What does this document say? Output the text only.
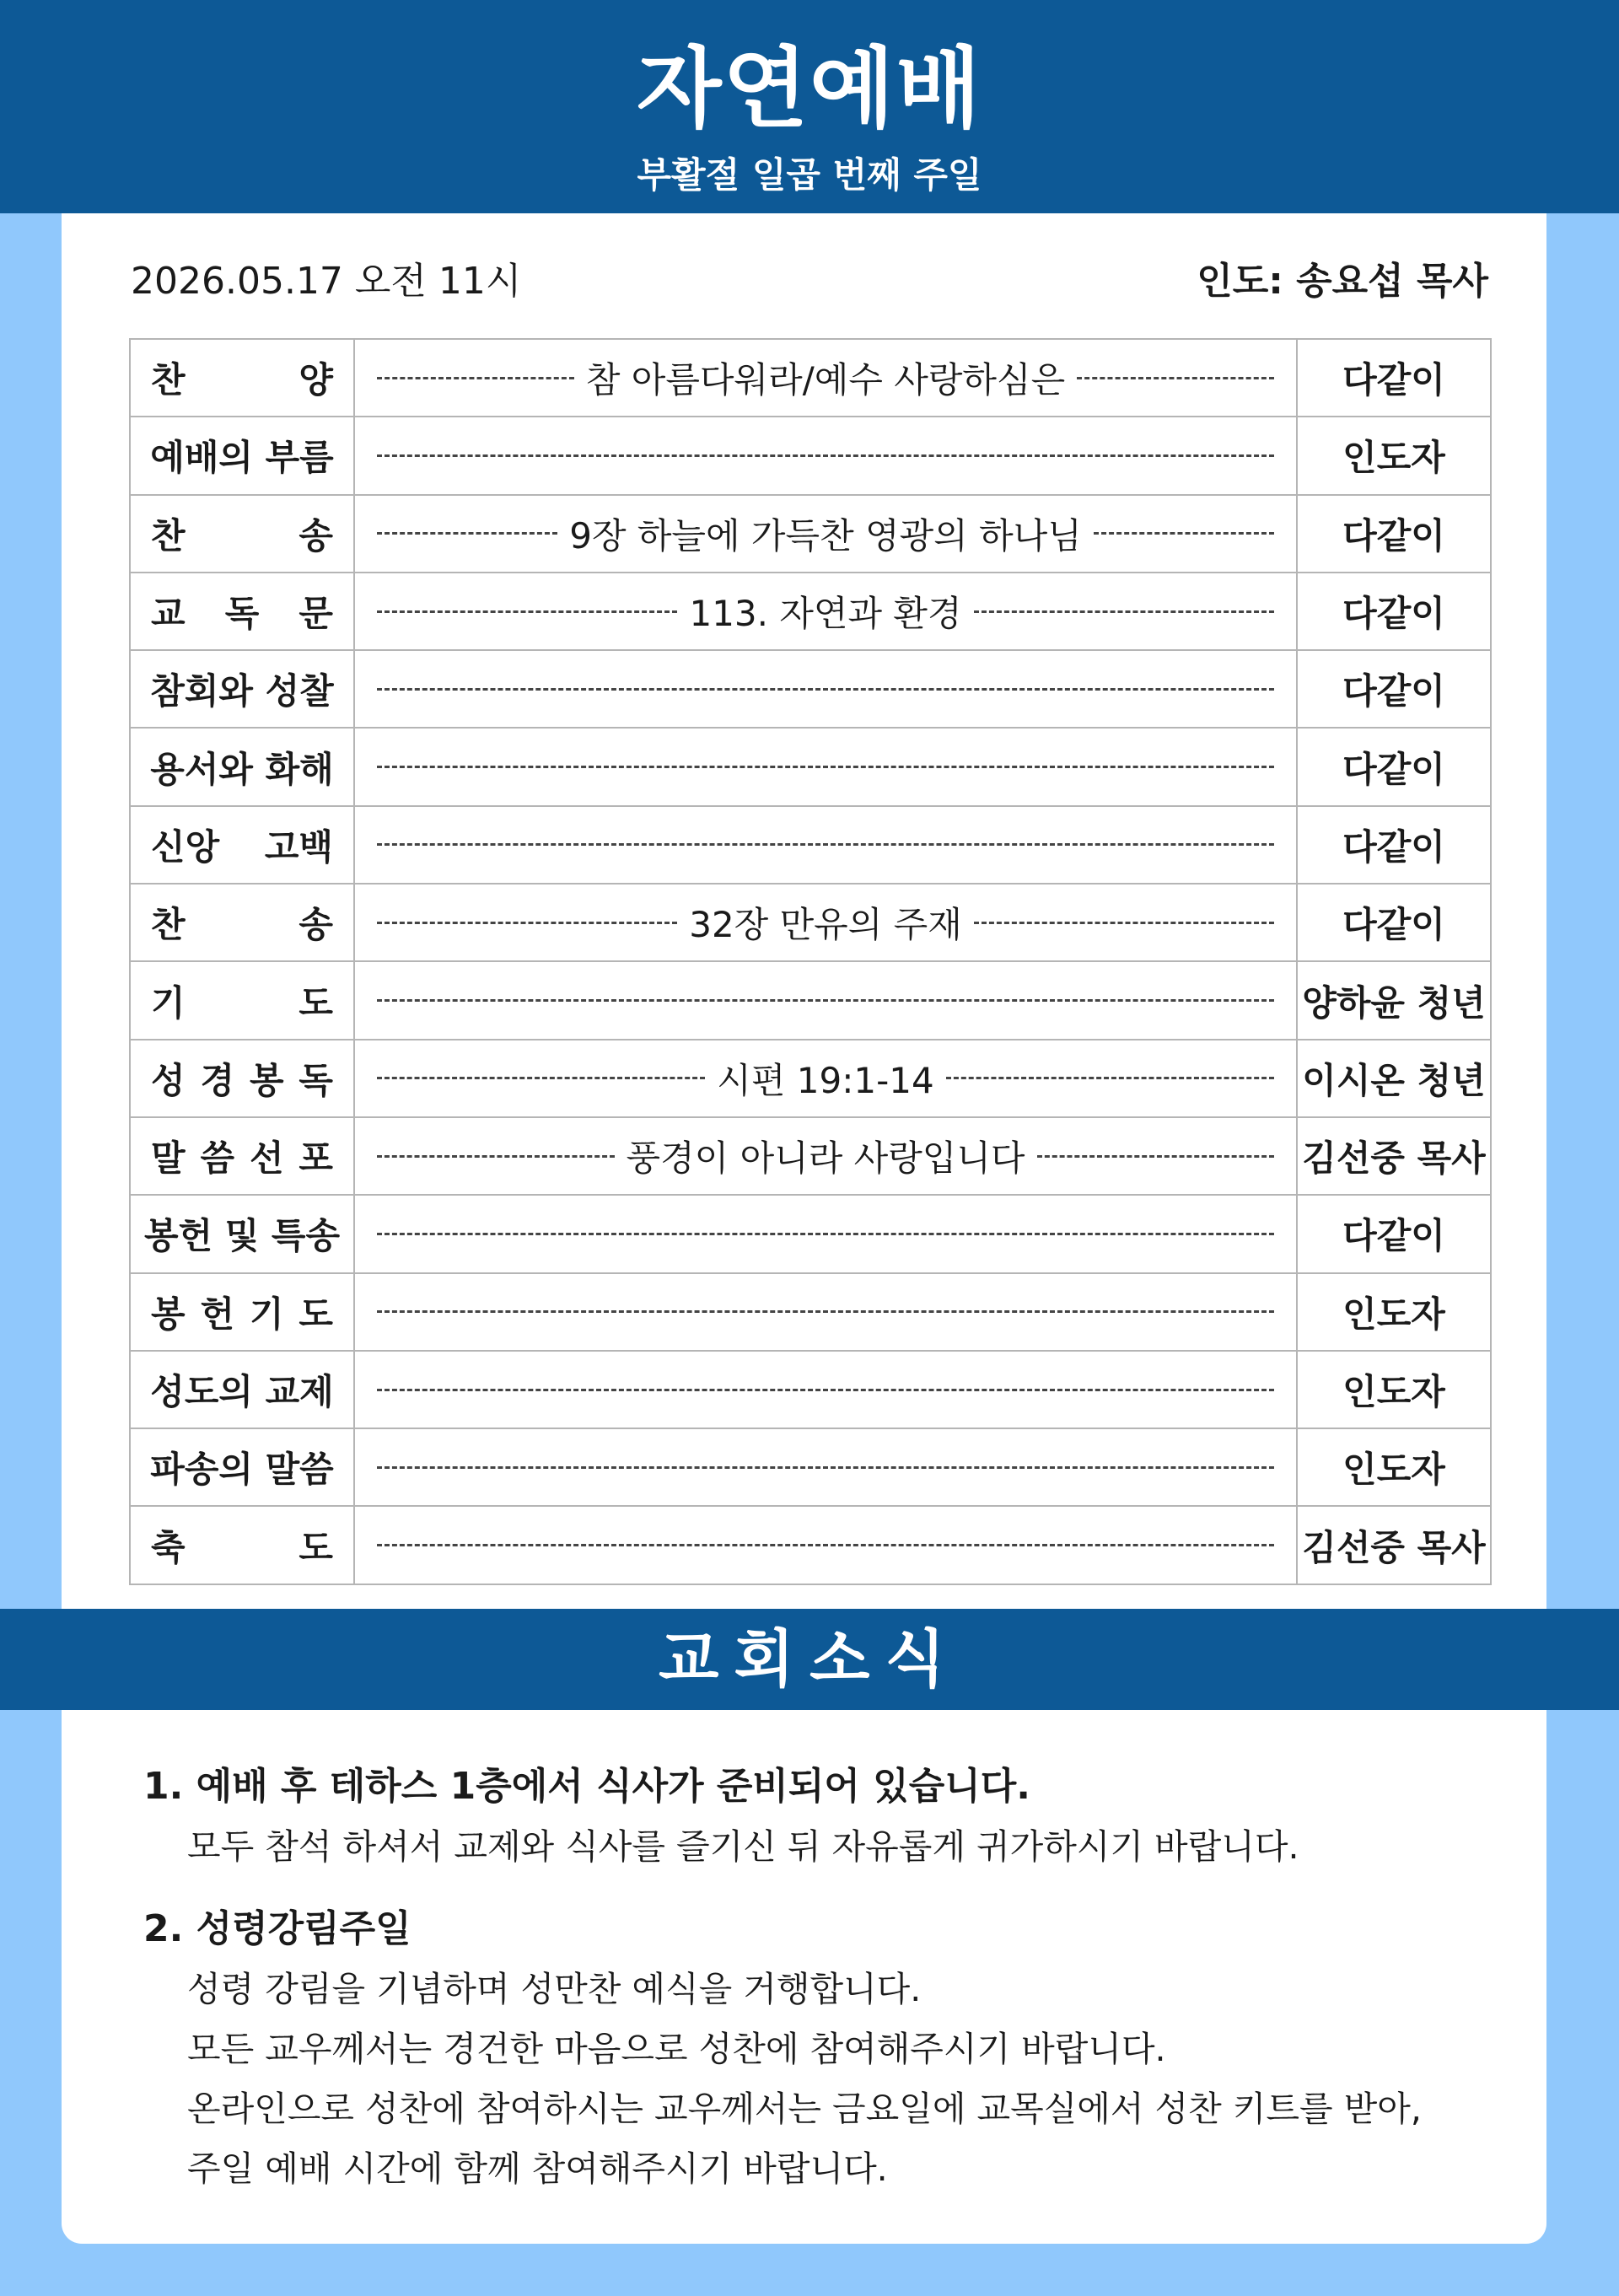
자연예배
부활절 일곱 번째 주일
2026.05.17 오전 11시	인도: 송요섭 목사
찬 양	참 아름다워라/예수 사랑하심은	다같이

예배의 부름		인도자

찬 송	9장 하늘에 가득찬 영광의 하나님	다같이

교 독 문	113. 자연과 환경	다같이

참회와 성찰		다같이

용서와 화해		다같이

신앙 고백		다같이

찬 송	32장 만유의 주재	다같이

기 도		양하윤 청년

성 경 봉 독	시편 19:1-14	이시온 청년

말 씀 선 포	풍경이 아니라 사랑입니다	김선중 목사

봉헌 및 특송		다같이

봉 헌 기 도		인도자

성도의 교제		인도자

파송의 말씀		인도자

축 도		김선중 목사
교회소식
1. 예배 후 테하스 1층에서 식사가 준비되어 있습니다.
모두 참석 하셔서 교제와 식사를 즐기신 뒤 자유롭게 귀가하시기 바랍니다.
2. 성령강림주일
성령 강림을 기념하며 성만찬 예식을 거행합니다.
모든 교우께서는 경건한 마음으로 성찬에 참여해주시기 바랍니다.
온라인으로 성찬에 참여하시는 교우께서는 금요일에 교목실에서 성찬 키트를 받아,
주일 예배 시간에 함께 참여해주시기 바랍니다.
